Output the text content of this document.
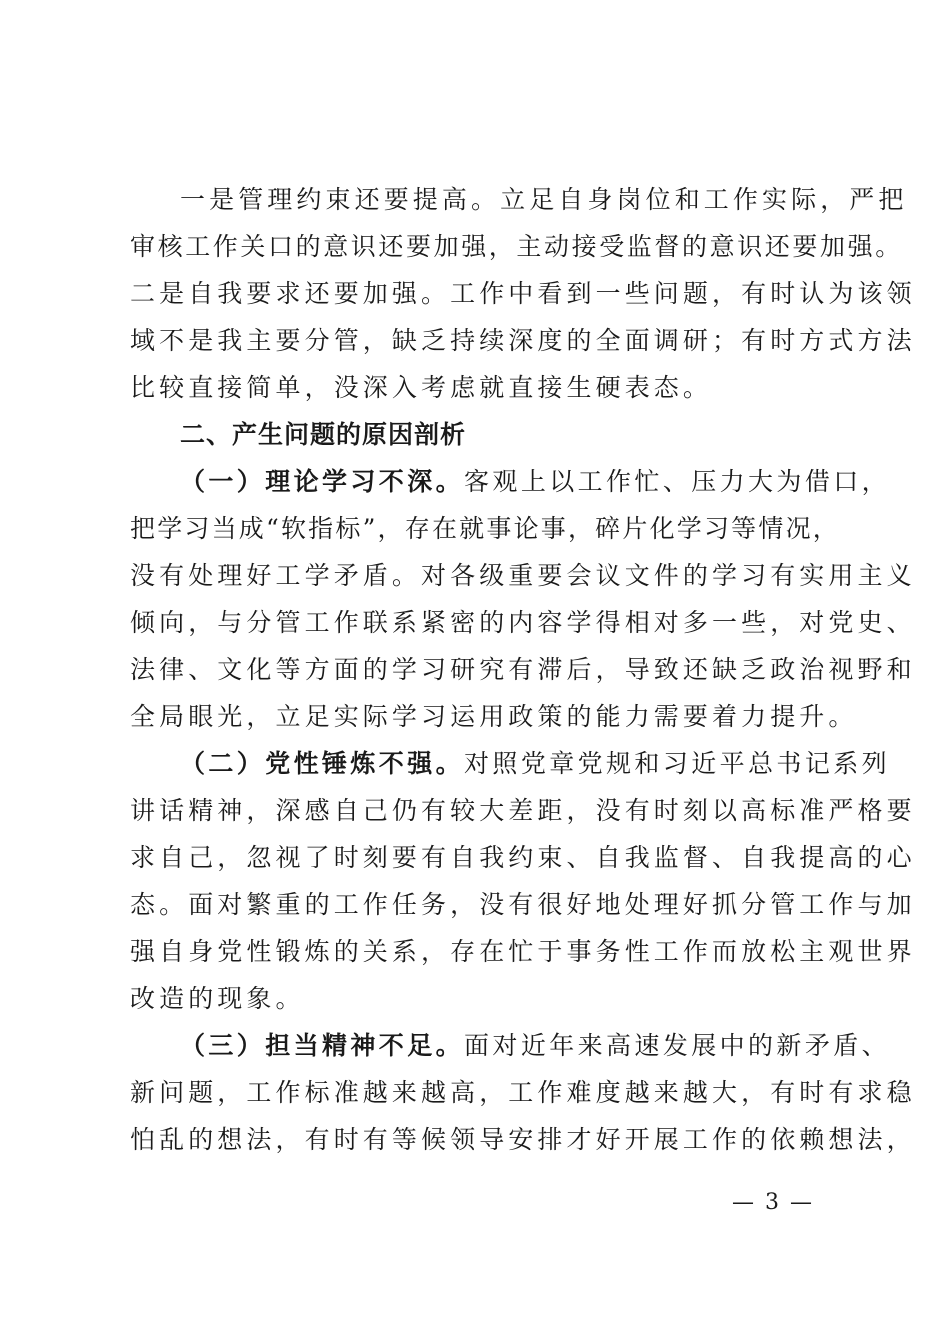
一是管理约束还要提高。立足自身岗位和工作实际，严把
审核工作关口的意识还要加强，主动接受监督的意识还要加强。
二是自我要求还要加强。工作中看到一些问题，有时认为该领
域不是我主要分管，缺乏持续深度的全面调研；有时方式方法
比较直接简单，没深入考虑就直接生硬表态。
二、产生问题的原因剖析
（一）理论学习不深。客观上以工作忙、压力大为借口，
把学习当成“软指标”，存在就事论事，碎片化学习等情况，
没有处理好工学矛盾。对各级重要会议文件的学习有实用主义
倾向，与分管工作联系紧密的内容学得相对多一些，对党史、
法律、文化等方面的学习研究有滞后，导致还缺乏政治视野和
全局眼光，立足实际学习运用政策的能力需要着力提升。
（二）党性锤炼不强。对照党章党规和习近平总书记系列
讲话精神，深感自己仍有较大差距，没有时刻以高标准严格要
求自己，忽视了时刻要有自我约束、自我监督、自我提高的心
态。面对繁重的工作任务，没有很好地处理好抓分管工作与加
强自身党性锻炼的关系，存在忙于事务性工作而放松主观世界
改造的现象。
（三）担当精神不足。面对近年来高速发展中的新矛盾、
新问题，工作标准越来越高，工作难度越来越大，有时有求稳
怕乱的想法，有时有等候领导安排才好开展工作的依赖想法，
— 3 —
